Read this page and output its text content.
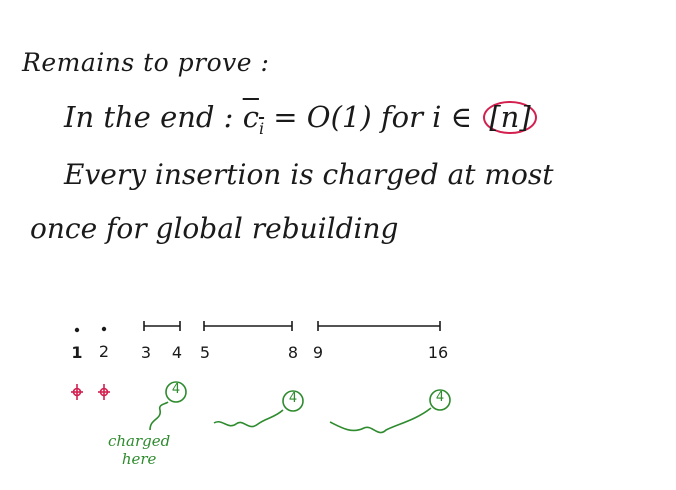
Remains to prove :
In the end : $c_i = O(1)$ for i ∈ [n]
Every insertion is charged at most
once for global rebuilding
1 2 3 4 5	8 9	16
4
4	4
charged
here
